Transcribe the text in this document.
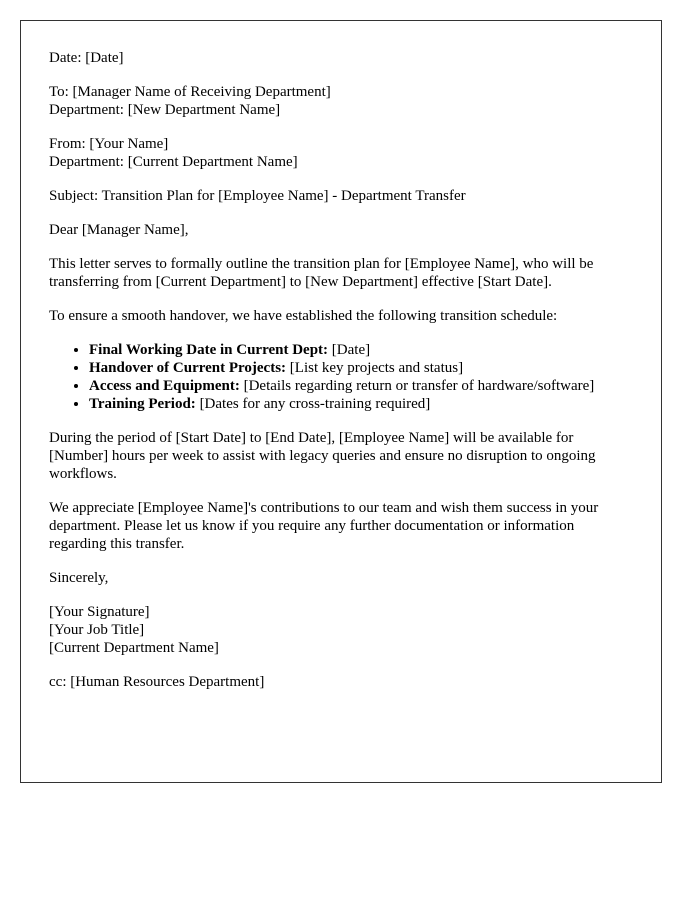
Date: [Date]

To: [Manager Name of Receiving Department]
Department: [New Department Name]

From: [Your Name]
Department: [Current Department Name]

Subject: Transition Plan for [Employee Name] - Department Transfer

Dear [Manager Name],

This letter serves to formally outline the transition plan for [Employee Name], who will be transferring from [Current Department] to [New Department] effective [Start Date].

To ensure a smooth handover, we have established the following transition schedule:

• Final Working Date in Current Dept: [Date]
• Handover of Current Projects: [List key projects and status]
• Access and Equipment: [Details regarding return or transfer of hardware/software]
• Training Period: [Dates for any cross-training required]

During the period of [Start Date] to [End Date], [Employee Name] will be available for [Number] hours per week to assist with legacy queries and ensure no disruption to ongoing workflows.

We appreciate [Employee Name]'s contributions to our team and wish them success in your department. Please let us know if you require any further documentation or information regarding this transfer.

Sincerely,

[Your Signature]
[Your Job Title]
[Current Department Name]

cc: [Human Resources Department]
